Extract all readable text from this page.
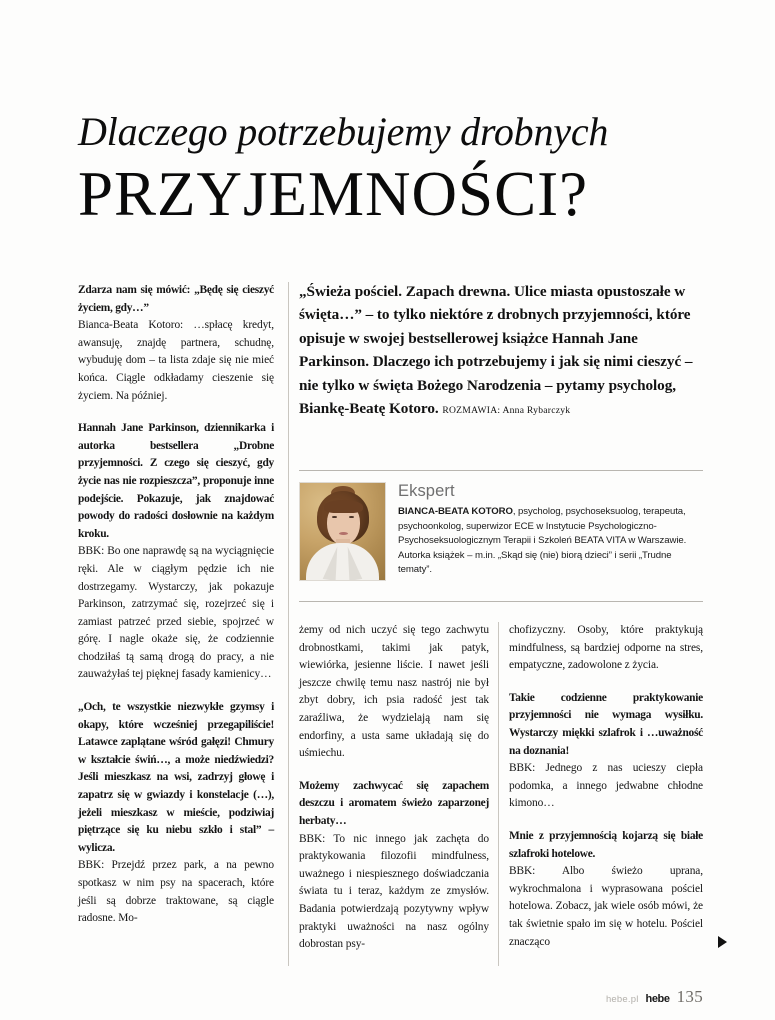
Dlaczego potrzebujemy drobnych
PRZYJEMNOŚCI?

Zdarza nam się mówić: „Będę się cieszyć życiem, gdy…”

Bianca-Beata Kotoro: …spłacę kredyt, awansuję, znajdę partnera, schudnę, wybuduję dom – ta lista zdaje się nie mieć końca. Ciągle odkładamy cieszenie się życiem. Na później.

Hannah Jane Parkinson, dziennikarka i autorka bestsellera „Drobne przyjemności. Z czego się cieszyć, gdy życie nas nie rozpieszcza”, proponuje inne podejście. Pokazuje, jak znajdować powody do radości dosłownie na każdym kroku.

BBK: Bo one naprawdę są na wyciągnięcie ręki. Ale w ciągłym pędzie ich nie dostrzegamy. Wystarczy, jak pokazuje Parkinson, zatrzymać się, rozejrzeć się i zamiast patrzeć przed siebie, spojrzeć w górę. I nagle okaże się, że codziennie chodziłaś tą samą drogą do pracy, a nie zauważyłaś tej pięknej fasady kamienicy…

„Och, te wszystkie niezwykłe gzymsy i okapy, które wcześniej przegapiliście! Latawce zaplątane wśród gałęzi! Chmury w kształcie świń…, a może niedźwiedzi? Jeśli mieszkasz na wsi, zadrzyj głowę i zapatrz się w gwiazdy i konstelacje (…), jeżeli mieszkasz w mieście, podziwiaj piętrzące się ku niebu szkło i stal” – wylicza.

BBK: Przejdź przez park, a na pewno spotkasz w nim psy na spacerach, które jeśli są dobrze traktowane, są ciągle radosne. Mo-

„Świeża pościel. Zapach drewna. Ulice miasta opustoszałe w święta…” – to tylko niektóre z drobnych przyjemności, które opisuje w swojej bestsellerowej książce Hannah Jane Parkinson. Dlaczego ich potrzebujemy i jak się nimi cieszyć – nie tylko w święta Bożego Narodzenia – pytamy psycholog, Biankę-Beatę Kotoro. ROZMAWIA: Anna Rybarczyk
Ekspert
BIANCA-BEATA KOTORO, psycholog, psychoseksuolog, terapeuta, psychoonkolog, superwizor ECE w Instytucie Psychologiczno-Psychoseksuologicznym Terapii i Szkoleń BEATA VITA w Warszawie. Autorka książek – m.in. „Skąd się (nie) biorą dzieci” i serii „Trudne tematy”.

żemy od nich uczyć się tego zachwytu drobnostkami, takimi jak patyk, wiewiórka, jesienne liście. I nawet jeśli jeszcze chwilę temu nasz nastrój nie był zbyt dobry, ich psia radość jest tak zaraźliwa, że wydzielają nam się endorfiny, a usta same układają się do uśmiechu.

Możemy zachwycać się zapachem deszczu i aromatem świeżo zaparzonej herbaty…

BBK: To nic innego jak zachęta do praktykowania filozofii mindfulness, uważnego i niespiesznego doświadczania świata tu i teraz, każdym ze zmysłów. Badania potwierdzają pozytywny wpływ praktyki uważności na nasz ogólny dobrostan psy-

chofizyczny. Osoby, które praktykują mindfulness, są bardziej odporne na stres, empatyczne, zadowolone z życia.

Takie codzienne praktykowanie przyjemności nie wymaga wysiłku. Wystarczy miękki szlafrok i …uważność na doznania!

BBK: Jednego z nas ucieszy ciepła podomka, a innego jedwabne chłodne kimono…

Mnie z przyjemnością kojarzą się białe szlafroki hotelowe.

BBK: Albo świeżo uprana, wykrochmalona i wyprasowana pościel hotelowa. Zobacz, jak wiele osób mówi, że tak świetnie spało im się w hotelu. Pościel znacząco

hebe.pl hebe 135
